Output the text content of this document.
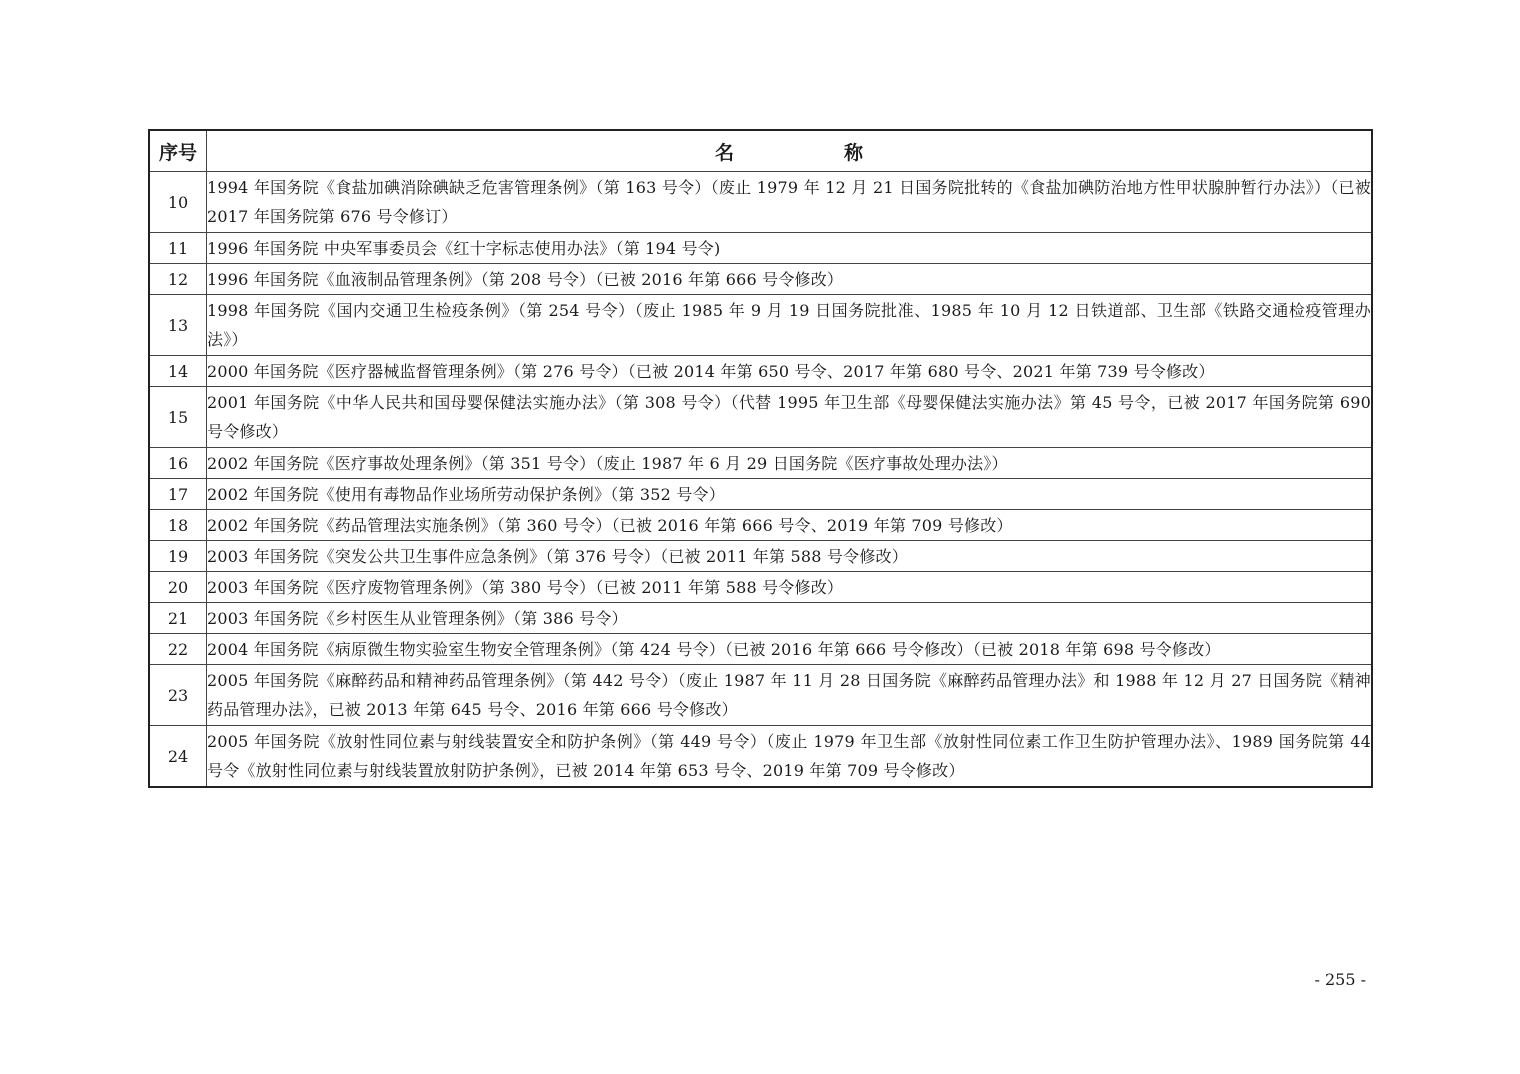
序号	名 称

10	1994 年国务院《食盐加碘消除碘缺乏危害管理条例》（第 163 号令）（废止 1979 年 12 月 21 日国务院批转的《食盐加碘防治地方性甲状腺肿暂行办法》）（已被 2017 年国务院第 676 号令修订）
11	1996 年国务院 中央军事委员会《红十字标志使用办法》（第 194 号令)
12	1996 年国务院《血液制品管理条例》（第 208 号令）（已被 2016 年第 666 号令修改）
13	1998 年国务院《国内交通卫生检疫条例》（第 254 号令）（废止 1985 年 9 月 19 日国务院批准、1985 年 10 月 12 日铁道部、卫生部《铁路交通检疫管理办法》）
14	2000 年国务院《医疗器械监督管理条例》（第 276 号令）（已被 2014 年第 650 号令、2017 年第 680 号令、2021 年第 739 号令修改）
15	2001 年国务院《中华人民共和国母婴保健法实施办法》（第 308 号令）（代替 1995 年卫生部《母婴保健法实施办法》第 45 号令，已被 2017 年国务院第 690 号令修改）
16	2002 年国务院《医疗事故处理条例》（第 351 号令）（废止 1987 年 6 月 29 日国务院《医疗事故处理办法》）
17	2002 年国务院《使用有毒物品作业场所劳动保护条例》（第 352 号令）
18	2002 年国务院《药品管理法实施条例》（第 360 号令）（已被 2016 年第 666 号令、2019 年第 709 号修改）
19	2003 年国务院《突发公共卫生事件应急条例》（第 376 号令）（已被 2011 年第 588 号令修改）
20	2003 年国务院《医疗废物管理条例》（第 380 号令）（已被 2011 年第 588 号令修改）
21	2003 年国务院《乡村医生从业管理条例》（第 386 号令）
22	2004 年国务院《病原微生物实验室生物安全管理条例》（第 424 号令）（已被 2016 年第 666 号令修改）（已被 2018 年第 698 号令修改）
23	2005 年国务院《麻醉药品和精神药品管理条例》（第 442 号令）（废止 1987 年 11 月 28 日国务院《麻醉药品管理办法》和 1988 年 12 月 27 日国务院《精神药品管理办法》，已被 2013 年第 645 号令、2016 年第 666 号令修改）
24	2005 年国务院《放射性同位素与射线装置安全和防护条例》（第 449 号令）（废止 1979 年卫生部《放射性同位素工作卫生防护管理办法》、1989 国务院第 44 号令《放射性同位素与射线装置放射防护条例》，已被 2014 年第 653 号令、2019 年第 709 号令修改）
- 255 -
